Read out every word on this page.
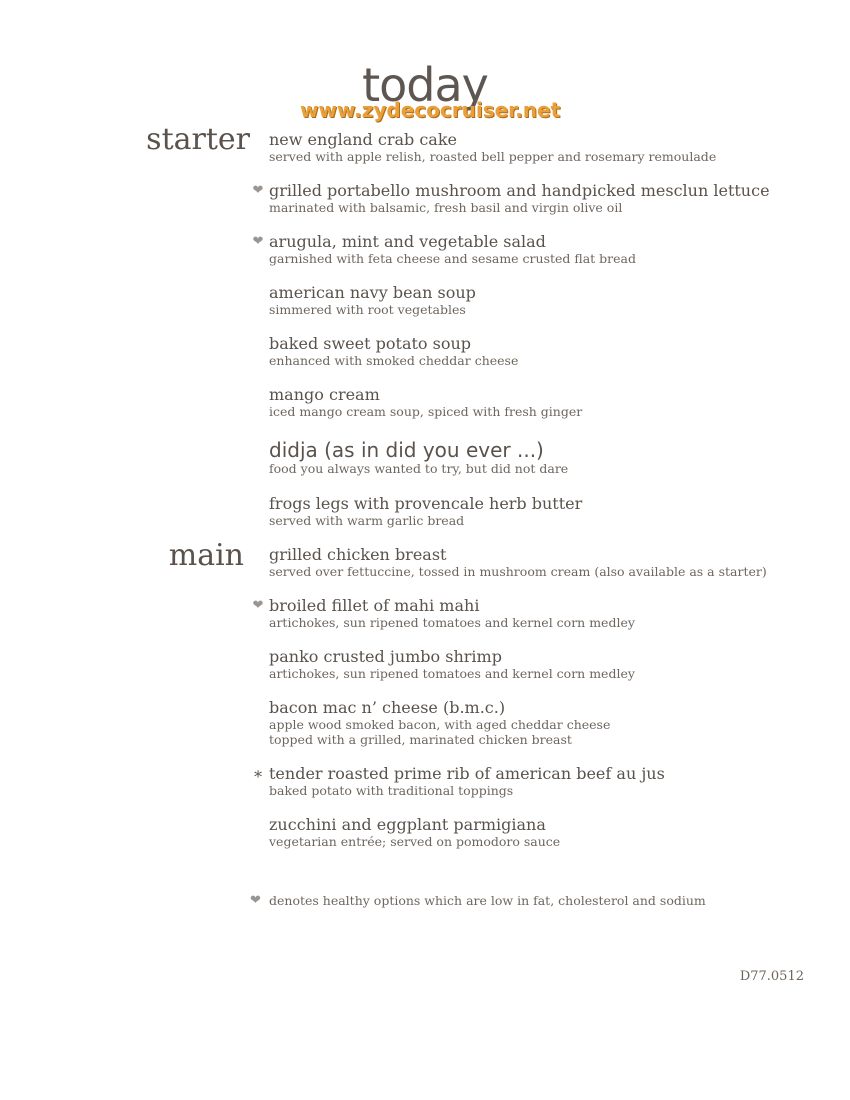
today
www.zydecocruiser.net
starter
main
new england crab cake
served with apple relish, roasted bell pepper and rosemary remoulade
❤ grilled portabello mushroom and handpicked mesclun lettuce
marinated with balsamic, fresh basil and virgin olive oil
❤ arugula, mint and vegetable salad
garnished with feta cheese and sesame crusted flat bread
american navy bean soup
simmered with root vegetables
baked sweet potato soup
enhanced with smoked cheddar cheese
mango cream
iced mango cream soup, spiced with fresh ginger
didja (as in did you ever ...)
food you always wanted to try, but did not dare
frogs legs with provencale herb butter
served with warm garlic bread
grilled chicken breast
served over fettuccine, tossed in mushroom cream (also available as a starter)
❤ broiled fillet of mahi mahi
artichokes, sun ripened tomatoes and kernel corn medley
panko crusted jumbo shrimp
artichokes, sun ripened tomatoes and kernel corn medley
bacon mac n’ cheese (b.m.c.)
apple wood smoked bacon, with aged cheddar cheese
topped with a grilled, marinated chicken breast
∗ tender roasted prime rib of american beef au jus
baked potato with traditional toppings
zucchini and eggplant parmigiana
vegetarian entrée; served on pomodoro sauce
❤ denotes healthy options which are low in fat, cholesterol and sodium
D77.0512
